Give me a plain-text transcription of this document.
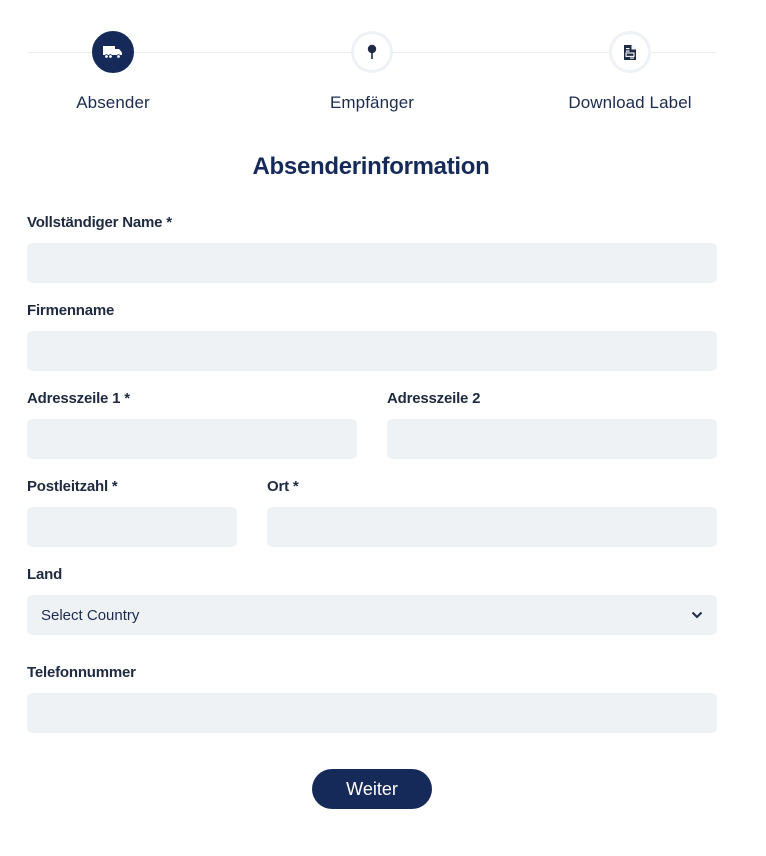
Absender	Empfänger	Download Label
Absenderinformation
Vollständiger Name *
Firmenname
Adresszeile 1 *	Adresszeile 2
Postleitzahl *	Ort *
Land
Select Country
Telefonnummer
Weiter
